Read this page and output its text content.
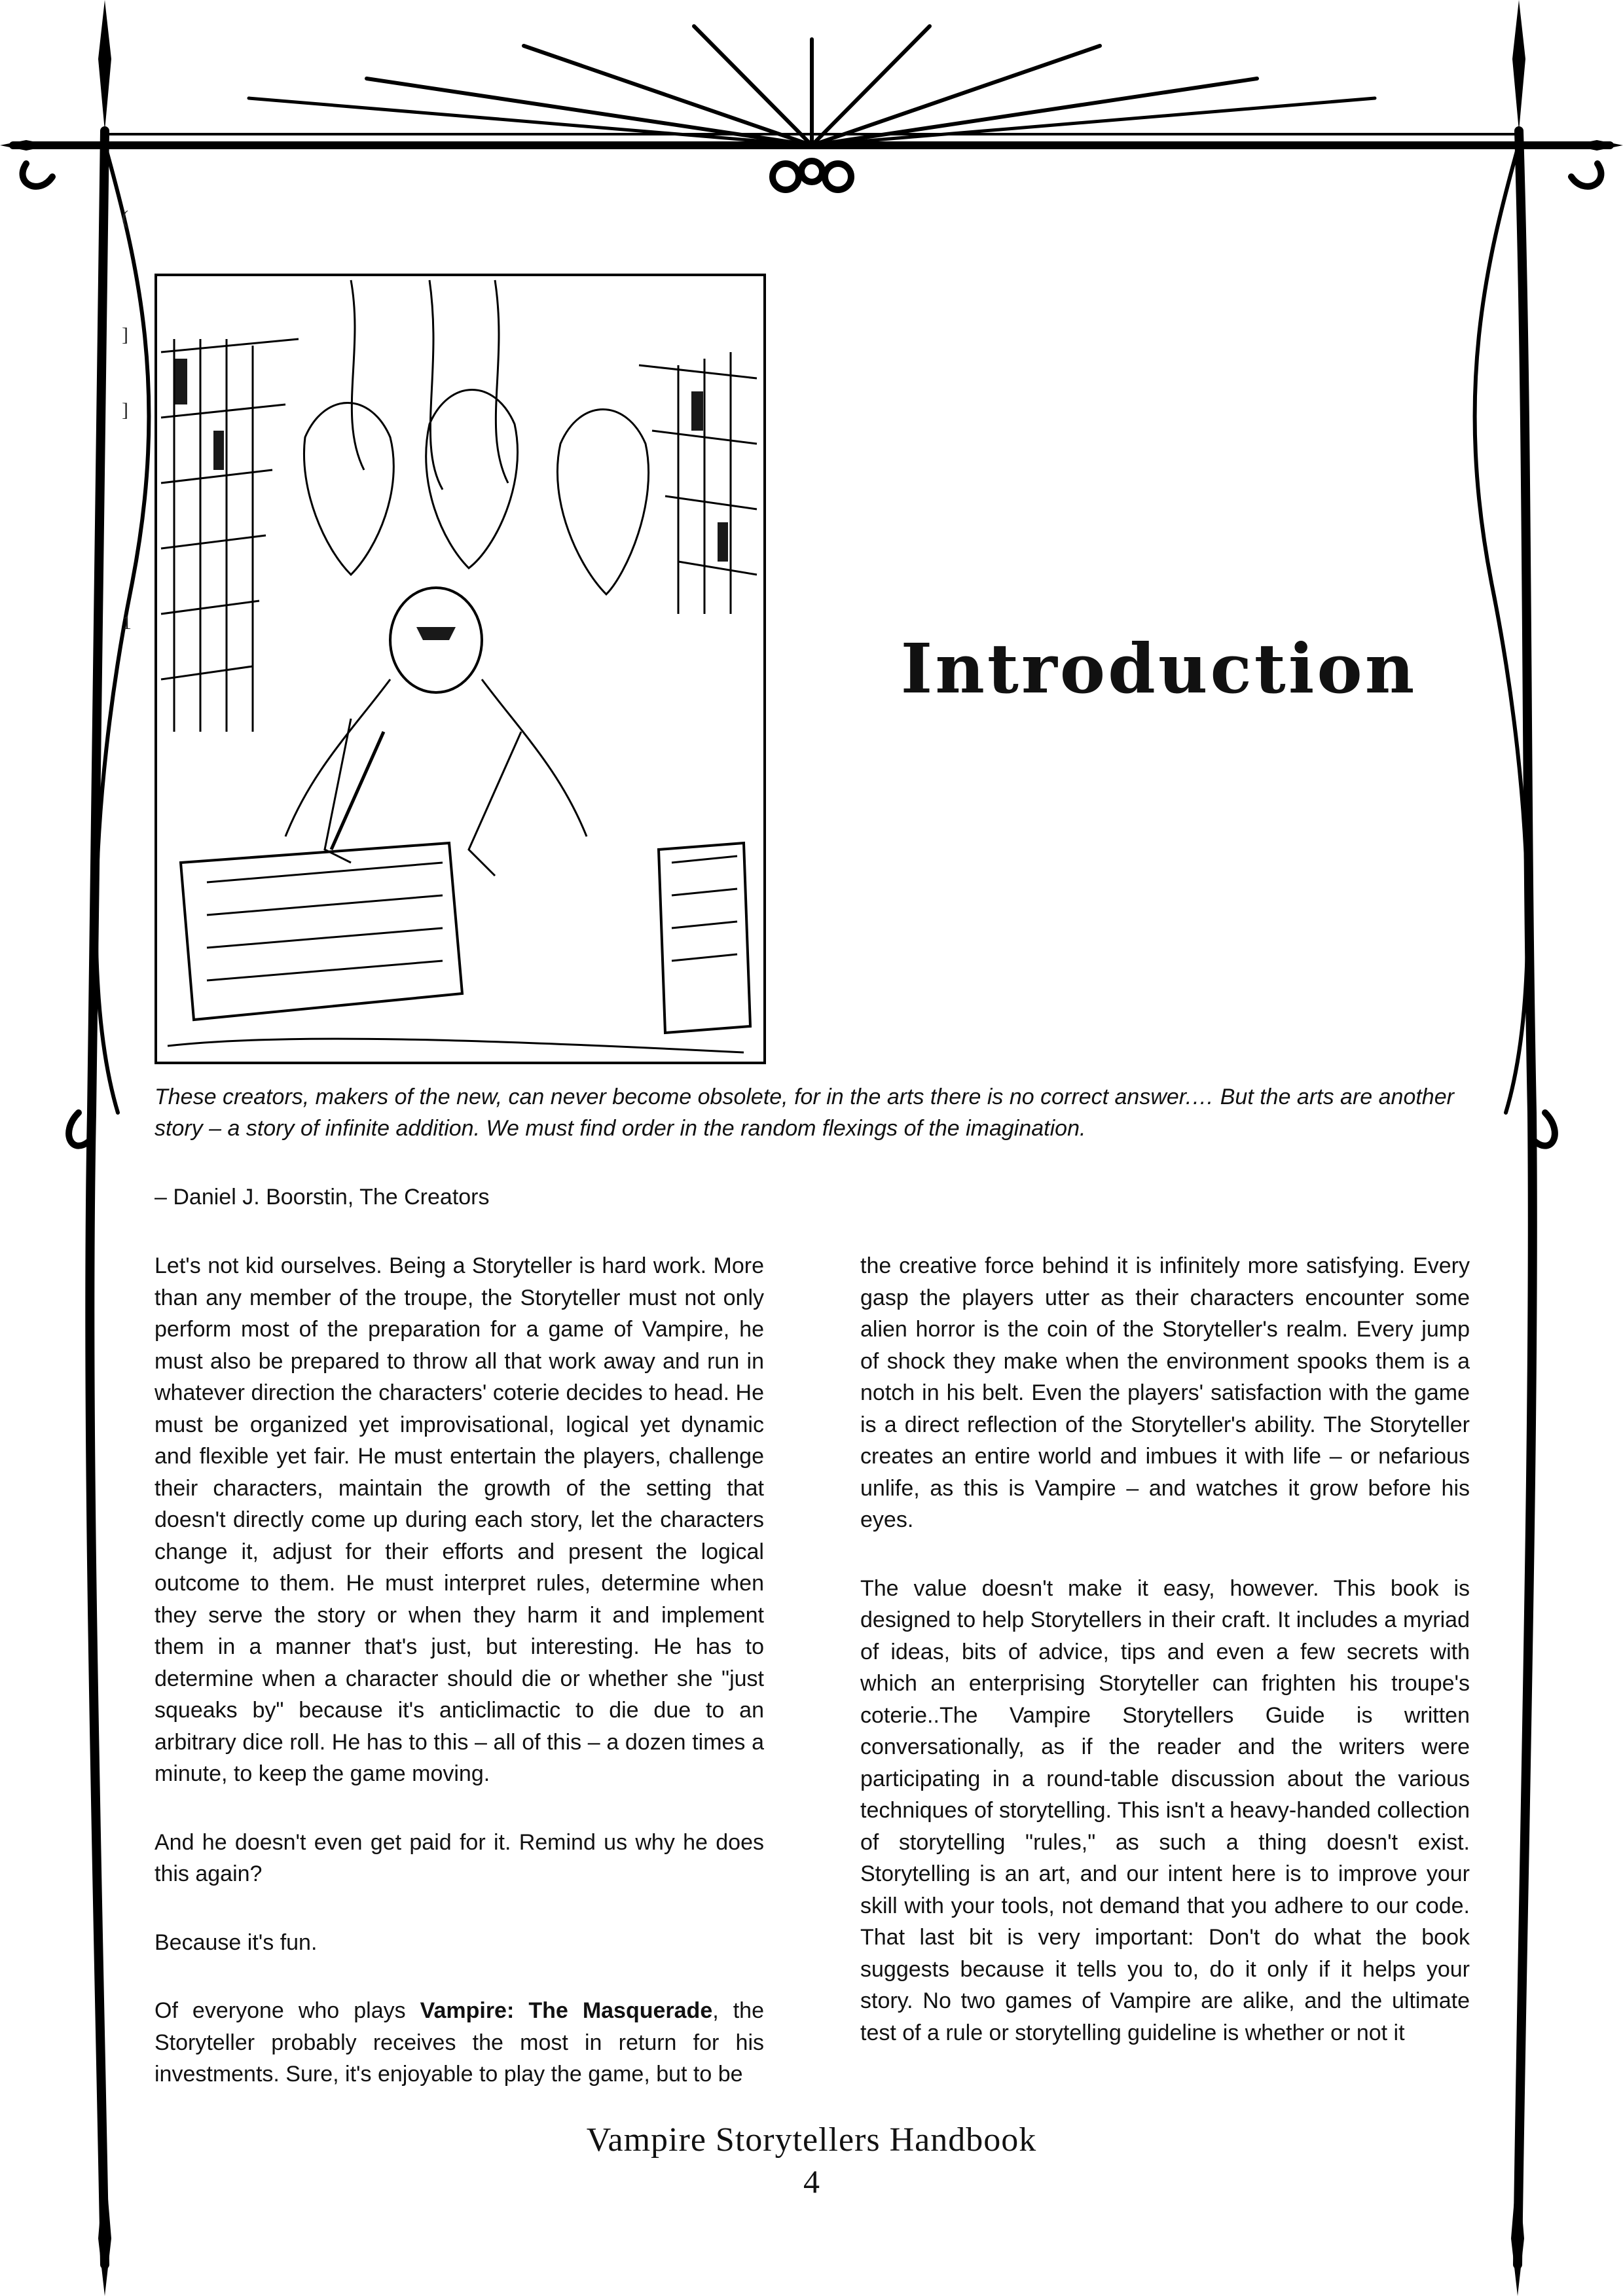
(
]
]
1
Introduction
These creators, makers of the new, can never become obsolete, for in the arts there is no correct answer.… But the arts are another story – a story of infinite addition. We must find order in the random flexings of the imagination.
– Daniel J. Boorstin, The Creators

Let's not kid ourselves. Being a Storyteller is hard work. More than any member of the troupe, the Storyteller must not only perform most of the preparation for a game of Vampire, he must also be prepared to throw all that work away and run in whatever direction the characters' coterie decides to head. He must be organized yet improvisational, logical yet dynamic and flexible yet fair. He must entertain the players, challenge their characters, maintain the growth of the setting that doesn't directly come up during each story, let the characters change it, adjust for their efforts and present the logical outcome to them. He must interpret rules, determine when they serve the story or when they harm it and implement them in a manner that's just, but interesting. He has to determine when a character should die or whether she "just squeaks by" because it's anticlimactic to die due to an arbitrary dice roll. He has to this – all of this – a dozen times a minute, to keep the game moving.

And he doesn't even get paid for it. Remind us why he does this again?

Because it's fun.

Of everyone who plays Vampire: The Masquerade, the Storyteller probably receives the most in return for his investments. Sure, it's enjoyable to play the game, but to be

the creative force behind it is infinitely more satisfying. Every gasp the players utter as their characters encounter some alien horror is the coin of the Storyteller's realm. Every jump of shock they make when the environment spooks them is a notch in his belt. Even the players' satisfaction with the game is a direct reflection of the Storyteller's ability. The Storyteller creates an entire world and imbues it with life – or nefarious unlife, as this is Vampire – and watches it grow before his eyes.

The value doesn't make it easy, however. This book is designed to help Storytellers in their craft. It includes a myriad of ideas, bits of advice, tips and even a few secrets with which an enterprising Storyteller can frighten his troupe's coterie..The Vampire Storytellers Guide is written conversationally, as if the reader and the writers were participating in a round-table discussion about the various techniques of storytelling. This isn't a heavy-handed collection of storytelling "rules," as such a thing doesn't exist. Storytelling is an art, and our intent here is to improve your skill with your tools, not demand that you adhere to our code. That last bit is very important: Don't do what the book suggests because it tells you to, do it only if it helps your story. No two games of Vampire are alike, and the ultimate test of a rule or storytelling guideline is whether or not it

Vampire Storytellers Handbook
4
